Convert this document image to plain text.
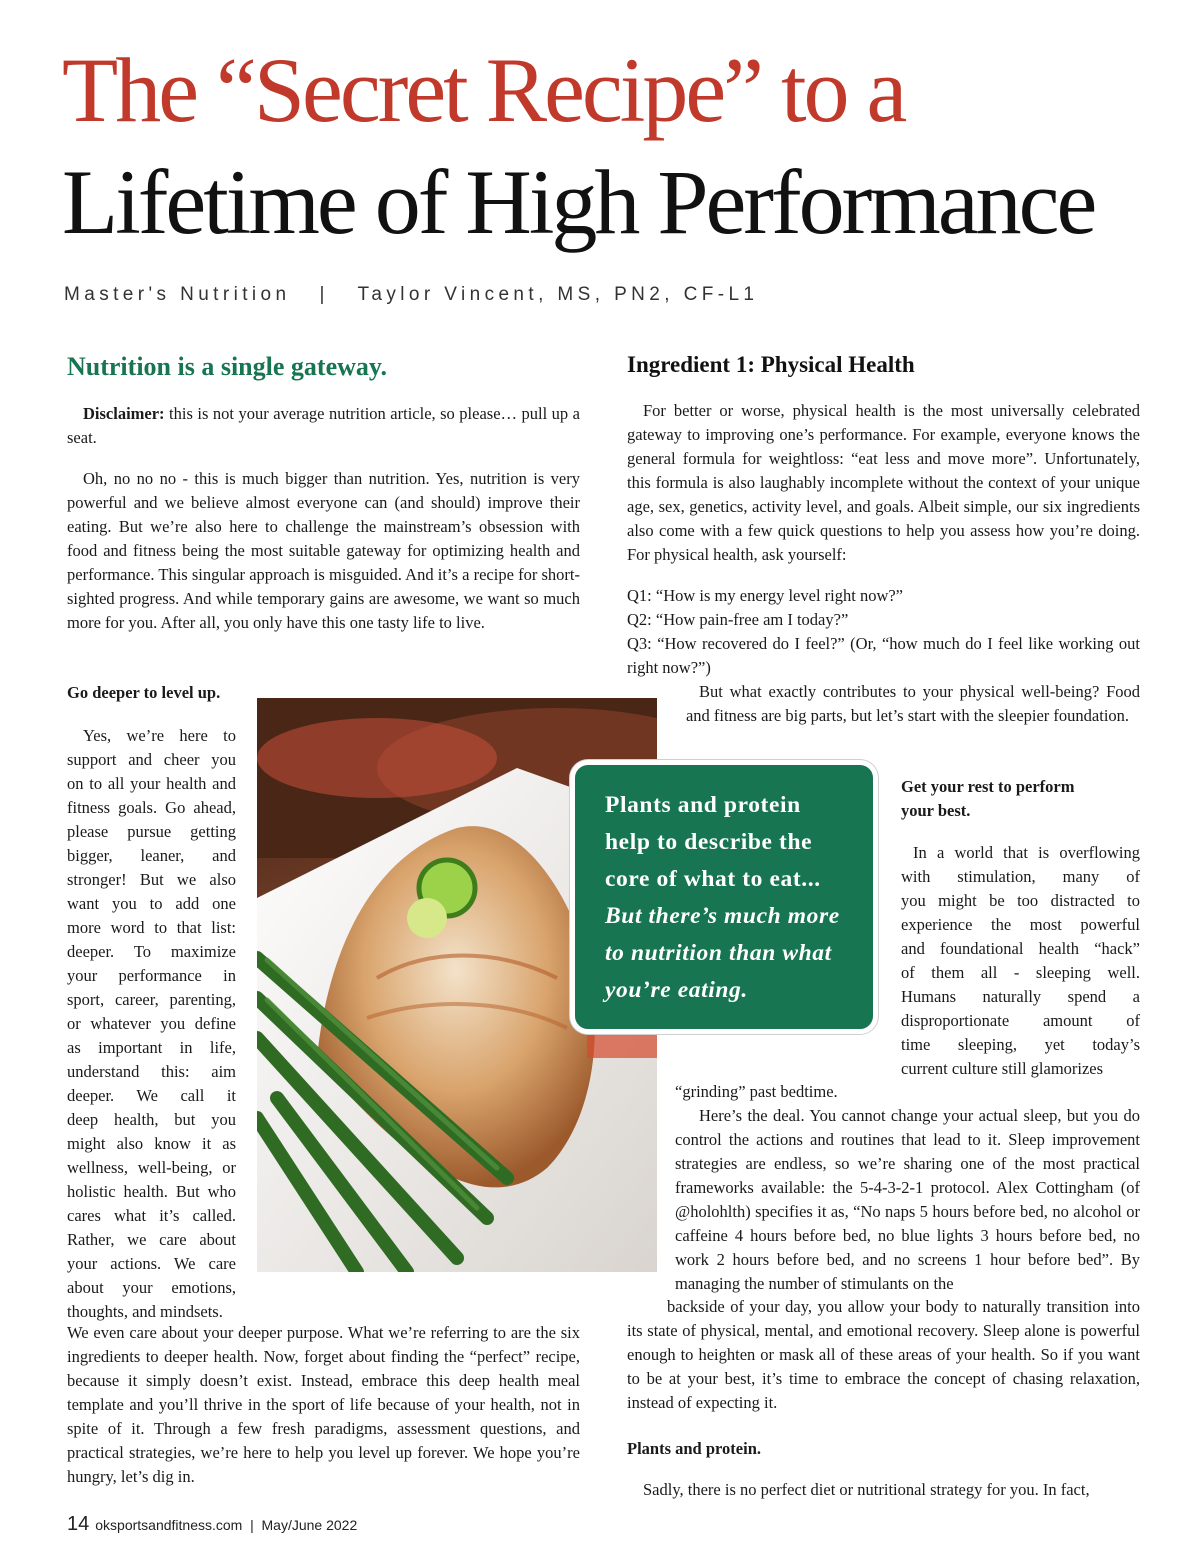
The “Secret Recipe” to a
Lifetime of High Performance
Master's Nutrition   |   Taylor Vincent, MS, PN2, CF-L1
Nutrition is a single gateway.

Disclaimer: this is not your average nutrition article, so please… pull up a seat.

Oh, no no no - this is much bigger than nutrition. Yes, nutrition is very powerful and we believe almost everyone can (and should) improve their eating. But we’re also here to challenge the mainstream’s obsession with food and fitness being the most suitable gateway for optimizing health and performance. This singular approach is misguided. And it’s a recipe for short-sighted progress. And while temporary gains are awesome, we want so much more for you. After all, you only have this one tasty life to live.

Go deeper to level up.
Yes, we’re here to
support and cheer you
on to all your health and
fitness goals. Go ahead,
please pursue getting
bigger, leaner, and
stronger! But we also
want you to add one
more word to that list:
deeper. To maximize
your performance in
sport, career, parenting,
or whatever you define
as important in life,
understand this: aim
deeper. We call it
deep health, but you
might also know it as
wellness, well-being, or
holistic health. But who
cares what it’s called.
Rather, we care about
your actions. We care
about your emotions,
thoughts, and mindsets.
We even care about your deeper purpose. What we’re referring to are the six ingredients to deeper health. Now, forget about finding the “perfect” recipe, because it simply doesn’t exist. Instead, embrace this deep health meal template and you’ll thrive in the sport of life because of your health, not in spite of it. Through a few fresh paradigms, assessment questions, and practical strategies, we’re here to help you level up forever. We hope you’re hungry, let’s dig in.
Plants and protein
help to describe the
core of what to eat...
But there’s much more
to nutrition than what
you’re eating.
Ingredient 1: Physical Health

For better or worse, physical health is the most universally celebrated gateway to improving one’s performance. For example, everyone knows the general formula for weightloss: “eat less and move more”. Unfortunately, this formula is also laughably incomplete without the context of your unique age, sex, genetics, activity level, and goals. Albeit simple, our six ingredients also come with a few quick questions to help you assess how you’re doing. For physical health, ask yourself:

Q1: “How is my energy level right now?”
Q2: “How pain-free am I today?”
Q3: “How recovered do I feel?” (Or, “how much do I feel like working out right now?”)

But what exactly contributes to your physical well-being? Food and fitness are big parts, but let’s start with the sleepier foundation.

Get your rest to perform your best.
In a world that is overflowing
with stimulation, many of
you might be too distracted to
experience the most powerful
and foundational health “hack”
of them all - sleeping well.
Humans naturally spend a
disproportionate amount of
time sleeping, yet today’s
current culture still glamorizes
“grinding” past bedtime.

Here’s the deal. You cannot change your actual sleep, but you do control the actions and routines that lead to it. Sleep improvement strategies are endless, so we’re sharing one of the most practical frameworks available: the 5-4-3-2-1 protocol. Alex Cottingham (of @holohlth) specifies it as, “No naps 5 hours before bed, no alcohol or caffeine 4 hours before bed, no blue lights 3 hours before bed, no work 2 hours before bed, and no screens 1 hour before bed”. By managing the number of stimulants on the

backside of your day, you allow your body to naturally transition into its state of physical, mental, and emotional recovery. Sleep alone is powerful enough to heighten or mask all of these areas of your health. So if you want to be at your best, it’s time to embrace the concept of chasing relaxation, instead of expecting it.
Plants and protein.

Sadly, there is no perfect diet or nutritional strategy for you. In fact,

14 oksportsandfitness.com  |  May/June 2022
